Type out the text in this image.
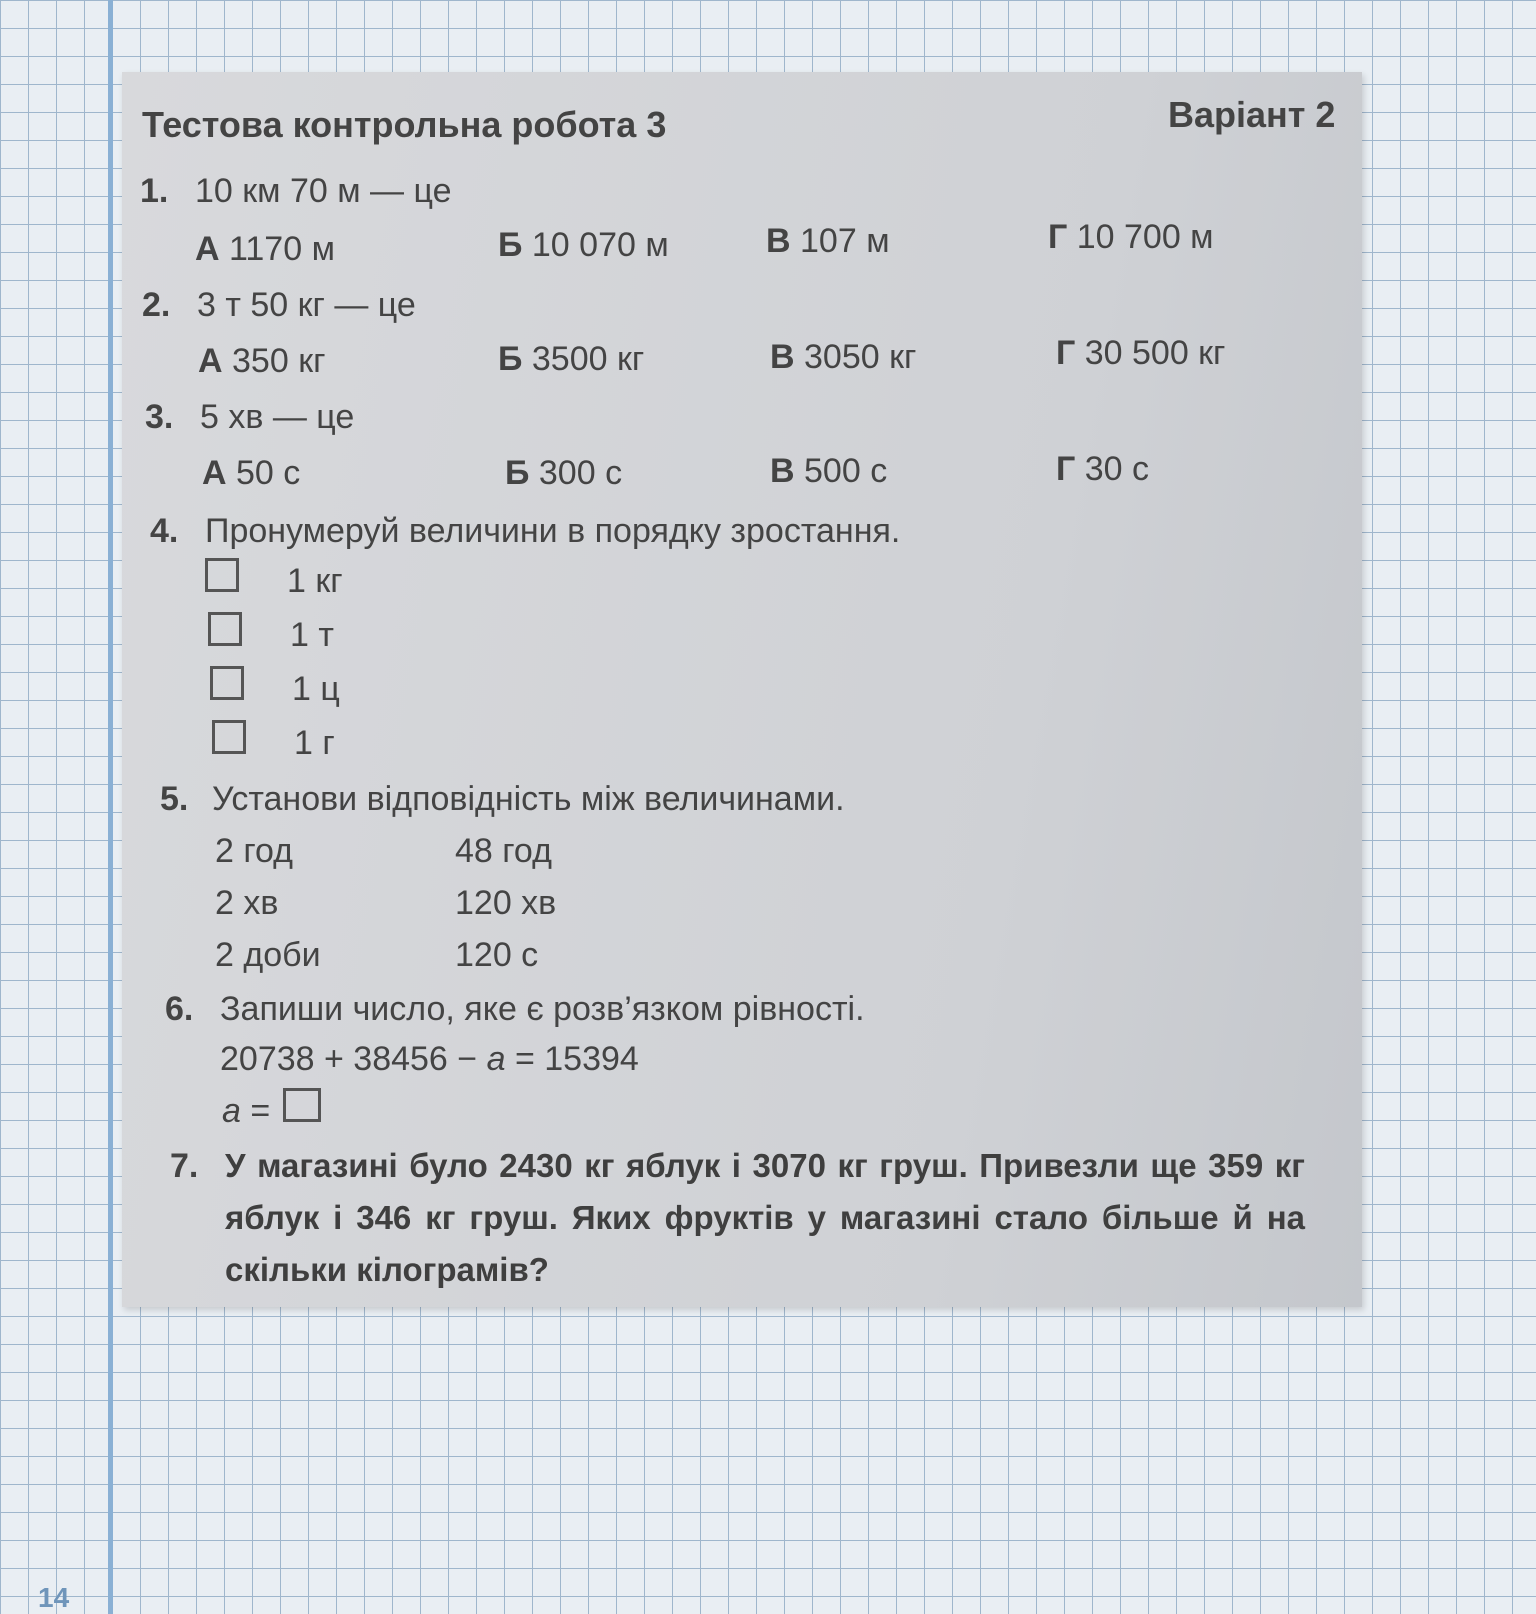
Тестова контрольна робота 3	Варіант 2
1. 10 км 70 м — це
А 1170 м	Б 10 070 м	В 107 м	Г 10 700 м
2. 3 т 50 кг — це
А 350 кг	Б 3500 кг	В 3050 кг	Г 30 500 кг
3. 5 хв — це
А 50 с	Б 300 с	В 500 с	Г 30 с
4. Пронумеруй величини в порядку зростання.
1 кг
1 т
1 ц
1 г
5. Установи відповідність між величинами.
2 год	48 год
2 хв	120 хв
2 доби	120 с
6. Запиши число, яке є розв’язком рівності.
20738 + 38456 − a = 15394
a =
7. У магазині було 2430 кг яблук і 3070 кг груш. Привезли ще 359 кг яблук і 346 кг груш. Яких фруктів у магазині стало більше й на скільки кілограмів?
14
